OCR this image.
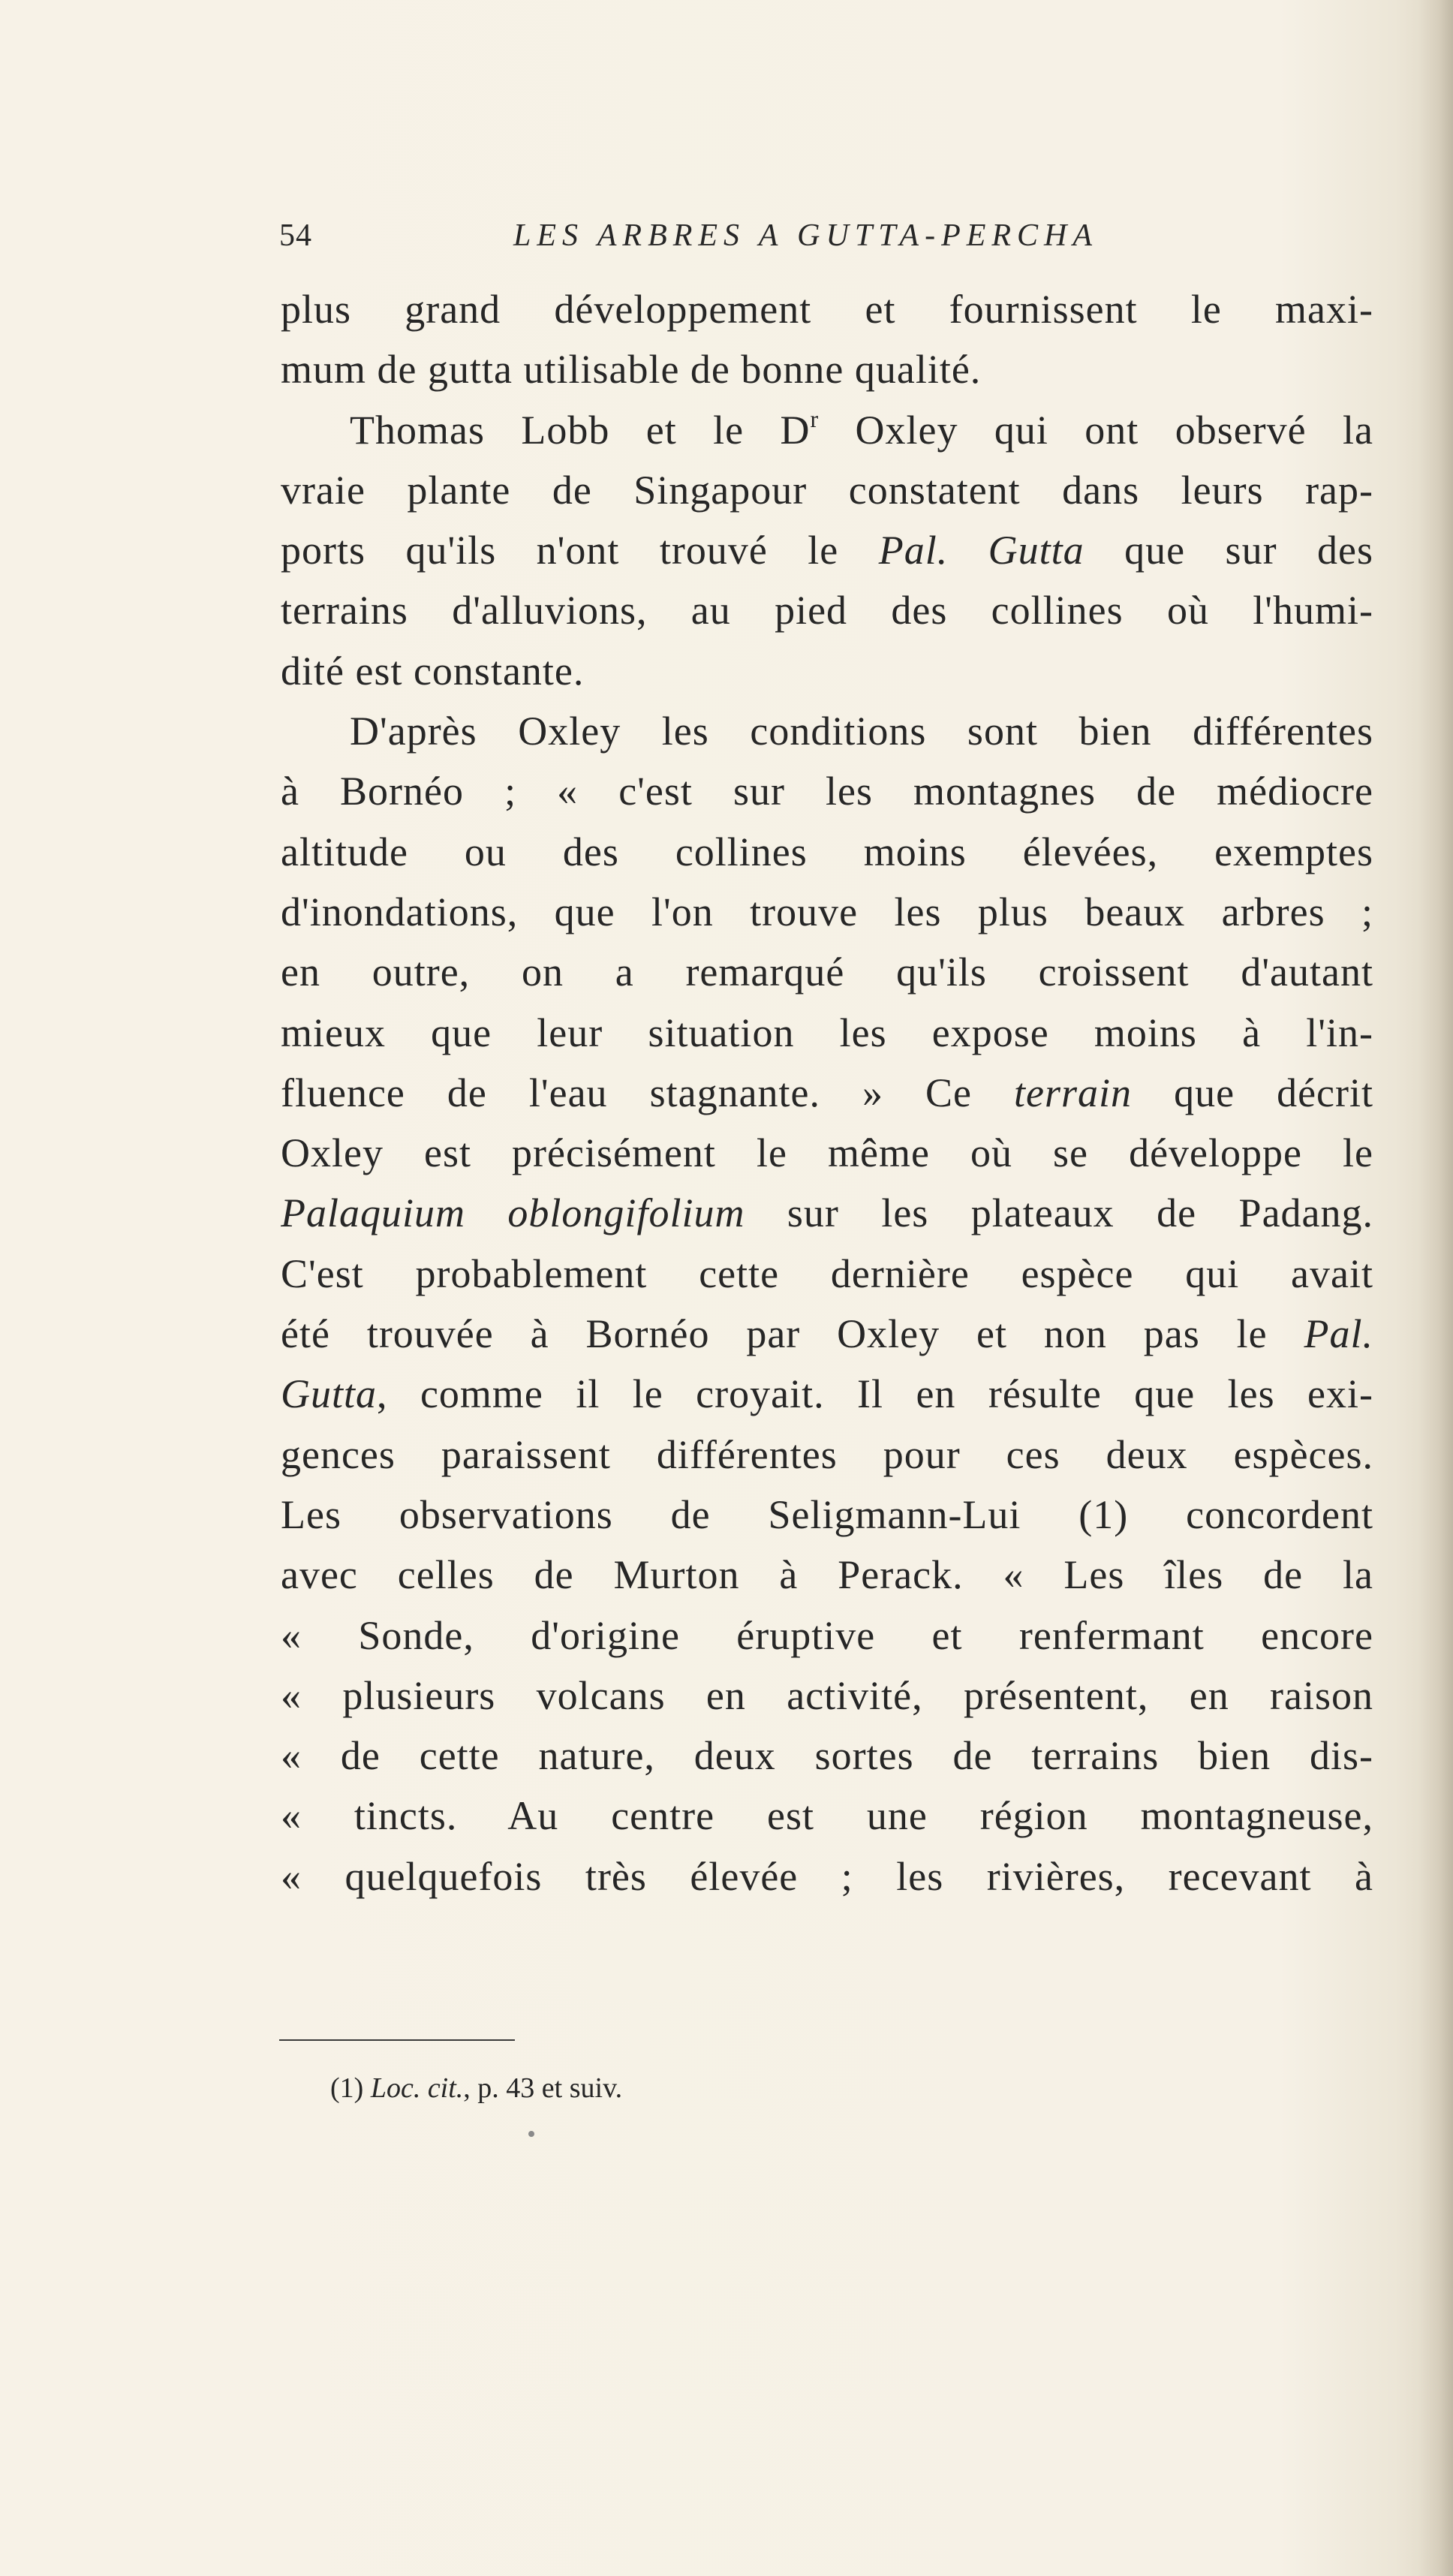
54	LES ARBRES A GUTTA-PERCHA
plus grand développement et fournissent le maxi-
mum de gutta utilisable de bonne qualité.
Thomas Lobb et le $D^r$ Oxley qui ont observé la
vraie plante de Singapour constatent dans leurs rap-
ports qu'ils n'ont trouvé le Pal. Gutta que sur des
terrains d'alluvions, au pied des collines où l'humi-
dité est constante.
D'après Oxley les conditions sont bien différentes
à Bornéo ; « c'est sur les montagnes de médiocre
altitude ou des collines moins élevées, exemptes
d'inondations, que l'on trouve les plus beaux arbres ;
en outre, on a remarqué qu'ils croissent d'autant
mieux que leur situation les expose moins à l'in-
fluence de l'eau stagnante. » Ce terrain que décrit
Oxley est précisément le même où se développe le
Palaquium oblongifolium sur les plateaux de Padang.
C'est probablement cette dernière espèce qui avait
été trouvée à Bornéo par Oxley et non pas le Pal.
Gutta, comme il le croyait. Il en résulte que les exi-
gences paraissent différentes pour ces deux espèces.
Les observations de Seligmann-Lui (1) concordent
avec celles de Murton à Perack. « Les îles de la
« Sonde, d'origine éruptive et renfermant encore
« plusieurs volcans en activité, présentent, en raison
« de cette nature, deux sortes de terrains bien dis-
« tincts. Au centre est une région montagneuse,
« quelquefois très élevée ; les rivières, recevant à
(1) Loc. cit., p. 43 et suiv.
